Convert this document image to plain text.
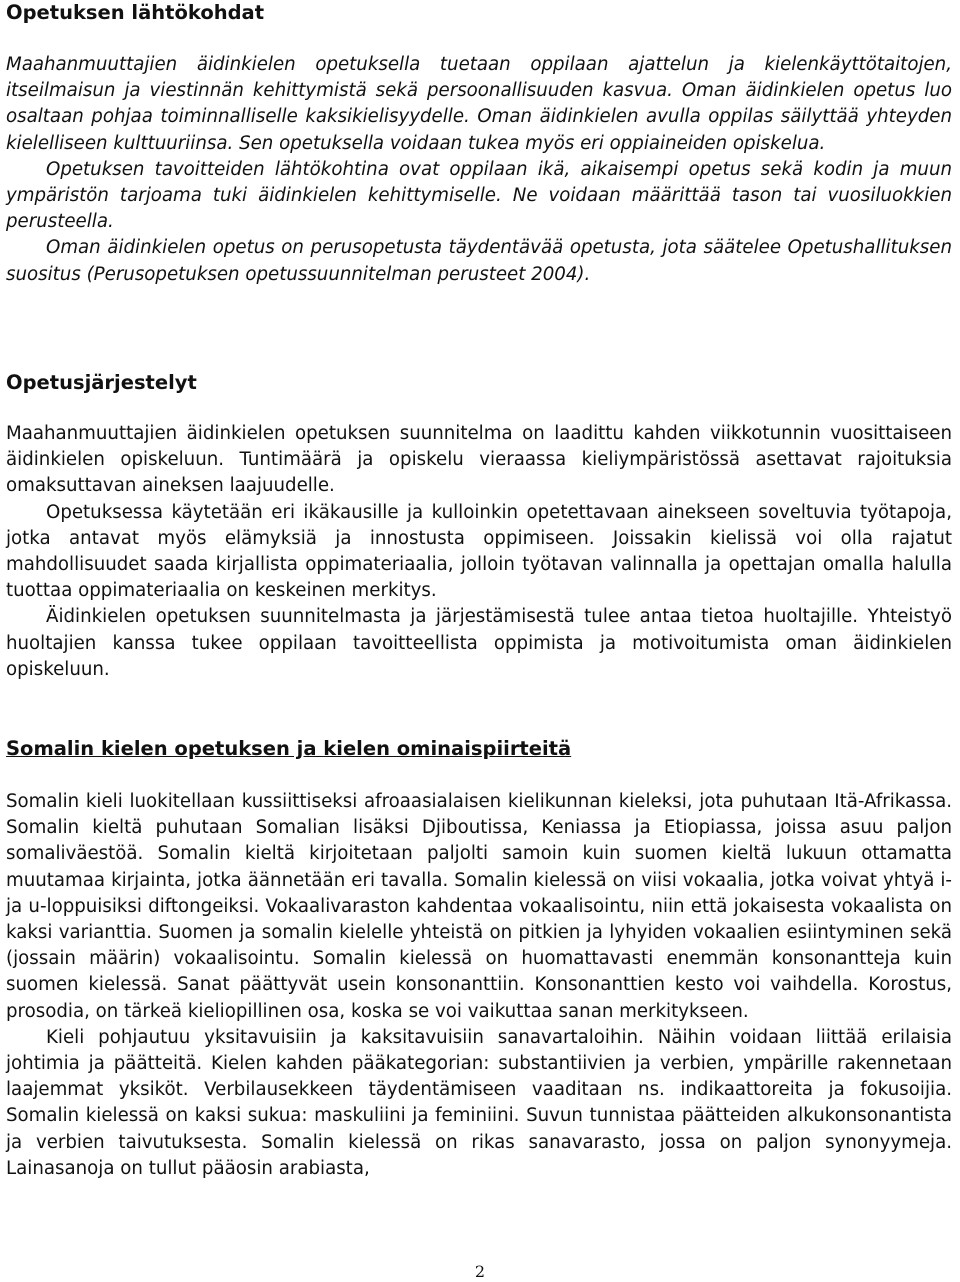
Opetuksen lähtökohdat

Maahanmuuttajien äidinkielen opetuksella tuetaan oppilaan ajattelun ja kielenkäyttötaitojen, itseilmaisun ja viestinnän kehittymistä sekä persoonallisuuden kasvua. Oman äidinkielen opetus luo osaltaan pohjaa toiminnalliselle kaksikielisyydelle. Oman äidinkielen avulla oppilas säilyttää yhteyden kielelliseen kulttuuriinsa. Sen opetuksella voidaan tukea myös eri oppiaineiden opiskelua.

Opetuksen tavoitteiden lähtökohtina ovat oppilaan ikä, aikaisempi opetus sekä kodin ja muun ympäristön tarjoama tuki äidinkielen kehittymiselle. Ne voidaan määrittää tason tai vuosiluokkien perusteella.

Oman äidinkielen opetus on perusopetusta täydentävää opetusta, jota säätelee Opetushallituksen suositus (Perusopetuksen opetussuunnitelman perusteet 2004).

Opetusjärjestelyt

Maahanmuuttajien äidinkielen opetuksen suunnitelma on laadittu kahden viikkotunnin vuosittaiseen äidinkielen opiskeluun. Tuntimäärä ja opiskelu vieraassa kieliympäristössä asettavat rajoituksia omaksuttavan aineksen laajuudelle.

Opetuksessa käytetään eri ikäkausille ja kulloinkin opetettavaan ainekseen soveltuvia työtapoja, jotka antavat myös elämyksiä ja innostusta oppimiseen. Joissakin kielissä voi olla rajatut mahdollisuudet saada kirjallista oppimateriaalia, jolloin työtavan valinnalla ja opettajan omalla halulla tuottaa oppimateriaalia on keskeinen merkitys.

Äidinkielen opetuksen suunnitelmasta ja järjestämisestä tulee antaa tietoa huoltajille. Yhteistyö huoltajien kanssa tukee oppilaan tavoitteellista oppimista ja motivoitumista oman äidinkielen opiskeluun.

Somalin kielen opetuksen ja kielen ominaispiirteitä

Somalin kieli luokitellaan kussiittiseksi afroaasialaisen kielikunnan kieleksi, jota puhutaan Itä-Afrikassa. Somalin kieltä puhutaan Somalian lisäksi Djiboutissa, Keniassa ja Etiopiassa, joissa asuu paljon somaliväestöä. Somalin kieltä kirjoitetaan paljolti samoin kuin suomen kieltä lukuun ottamatta muutamaa kirjainta, jotka äännetään eri tavalla. Somalin kielessä on viisi vokaalia, jotka voivat yhtyä i- ja u-loppuisiksi diftongeiksi. Vokaalivaraston kahdentaa vokaalisointu, niin että jokaisesta vokaalista on kaksi varianttia. Suomen ja somalin kielelle yhteistä on pitkien ja lyhyiden vokaalien esiintyminen sekä (jossain määrin) vokaalisointu. Somalin kielessä on huomattavasti enemmän konsonantteja kuin suomen kielessä. Sanat päättyvät usein konsonanttiin. Konsonanttien kesto voi vaihdella. Korostus, prosodia, on tärkeä kieliopillinen osa, koska se voi vaikuttaa sanan merkitykseen.

Kieli pohjautuu yksitavuisiin ja kaksitavuisiin sanavartaloihin. Näihin voidaan liittää erilaisia johtimia ja päätteitä. Kielen kahden pääkategorian: substantiivien ja verbien, ympärille rakennetaan laajemmat yksiköt. Verbilausekkeen täydentämiseen vaaditaan ns. indikaattoreita ja fokusoijia. Somalin kielessä on kaksi sukua: maskuliini ja feminiini. Suvun tunnistaa päätteiden alkukonsonantista ja verbien taivutuksesta. Somalin kielessä on rikas sanavarasto, jossa on paljon synonyymeja. Lainasanoja on tullut pääosin arabiasta,

2
